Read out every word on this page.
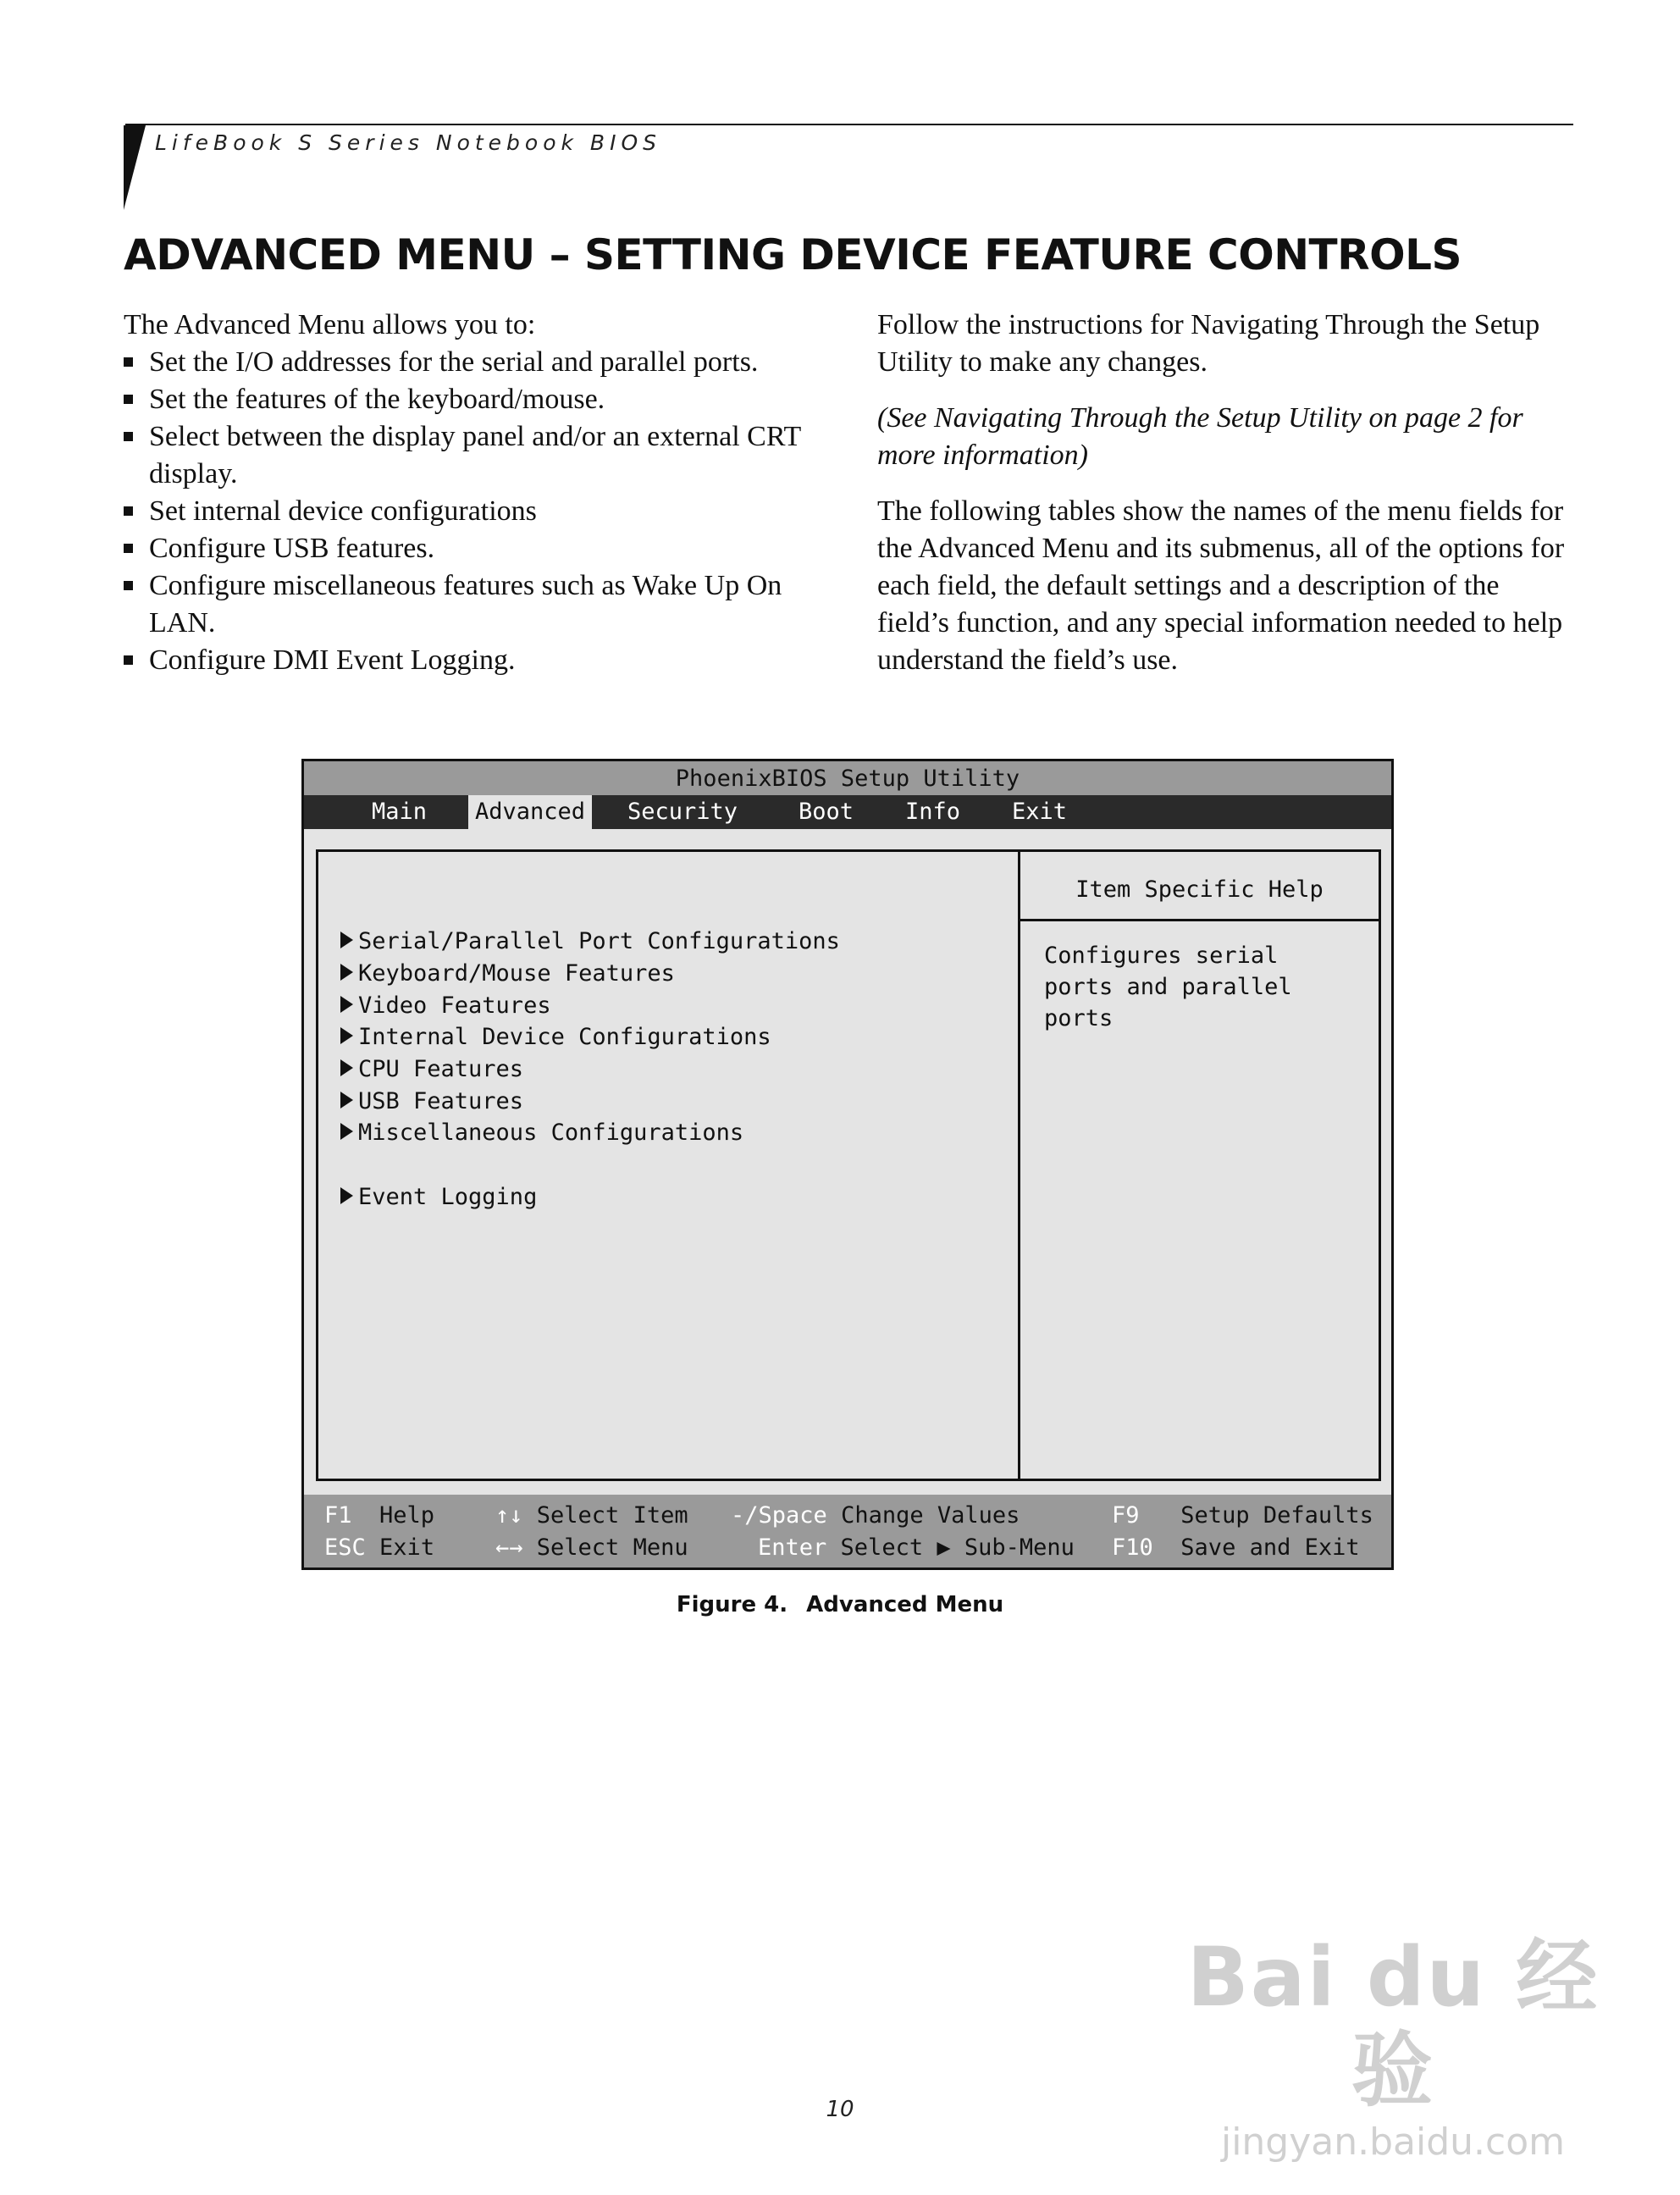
LifeBook S Series Notebook BIOS
ADVANCED MENU – SETTING DEVICE FEATURE CONTROLS

The Advanced Menu allows you to:

Set the I/O addresses for the serial and parallel ports.
Set the features of the keyboard/mouse.
Select between the display panel and/or an external CRT display.
Set internal device configurations
Configure USB features.
Configure miscellaneous features such as Wake Up On LAN.
Configure DMI Event Logging.

Follow the instructions for Navigating Through the Setup Utility to make any changes.

(See Navigating Through the Setup Utility on page 2 for more information)

The following tables show the names of the menu fields for the Advanced Menu and its submenus, all of the options for each field, the default settings and a description of the field’s function, and any special information needed to help understand the field’s use.

PhoenixBIOS Setup Utility
Main Advanced Security	Boot Info Exit
Serial/Parallel Port Configurations
Keyboard/Mouse Features
Video Features
Internal Device Configurations
CPU Features
USB Features
Miscellaneous Configurations
Event Logging
Item Specific Help
Configures serial ports and parallel ports
F1 Help
ESC Exit
↑↓ Select Item
←→ Select Menu
-/Space Change Values
Enter Select ▶ Sub-Menu
F9 Setup Defaults
F10 Save and Exit
Figure 4. Advanced Menu
10
Bai du 经验
jingyan.baidu.com
